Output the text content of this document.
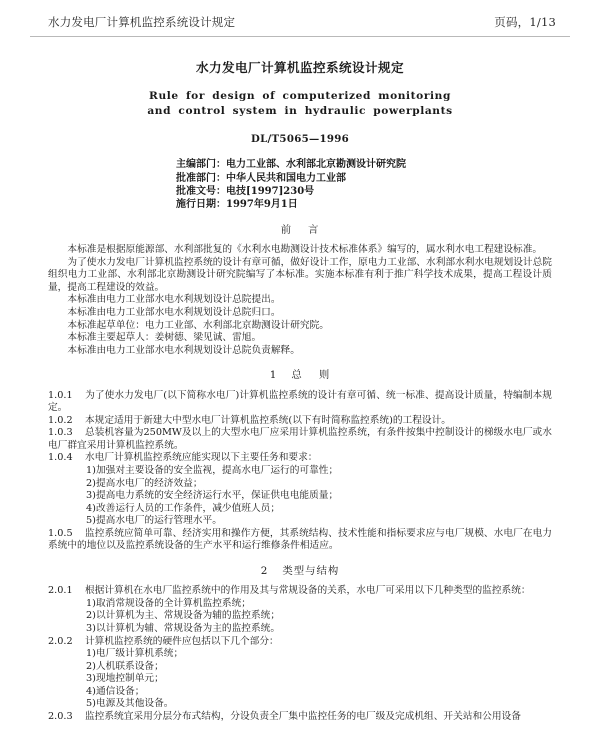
水力发电厂计算机监控系统设计规定	页码，1/13
水力发电厂计算机监控系统设计规定
Rule for design of computerized monitoring
and control system in hydraulic powerplants
DL/T5065—1996
主编部门：电力工业部、水利部北京勘测设计研究院
批准部门：中华人民共和国电力工业部
批准文号：电技[1997]230号
施行日期：1997年9月1日
前 言

本标准是根据原能源部、水利部批复的《水利水电勘测设计技术标准体系》编写的，属水利水电工程建设标准。

为了使水力发电厂计算机监控系统的设计有章可循，做好设计工作，原电力工业部、水利部水利水电规划设计总院组织电力工业部、水利部北京勘测设计研究院编写了本标准。实施本标准有利于推广科学技术成果，提高工程设计质量，提高工程建设的效益。

本标准由电力工业部水电水利规划设计总院提出。

本标准由电力工业部水电水利规划设计总院归口。

本标准起草单位：电力工业部、水利部北京勘测设计研究院。

本标准主要起草人：姜树德、梁见诚、雷旭。

本标准由电力工业部水电水利规划设计总院负责解释。

1 总 则

1.0.1 为了使水力发电厂(以下简称水电厂)计算机监控系统的设计有章可循、统一标准、提高设计质量，特编制本规定。

1.0.2 本规定适用于新建大中型水电厂计算机监控系统(以下有时简称监控系统)的工程设计。

1.0.3 总装机容量为250MW及以上的大型水电厂应采用计算机监控系统，有条件按集中控制设计的梯级水电厂或水电厂群宜采用计算机监控系统。

1.0.4 水电厂计算机监控系统应能实现以下主要任务和要求：

1)加强对主要设备的安全监视，提高水电厂运行的可靠性；
2)提高水电厂的经济效益；
3)提高电力系统的安全经济运行水平，保证供电电能质量；
4)改善运行人员的工作条件，减少值班人员；
5)提高水电厂的运行管理水平。

1.0.5 监控系统应简单可靠、经济实用和操作方便，其系统结构、技术性能和指标要求应与电厂规模、水电厂在电力系统中的地位以及监控系统设备的生产水平和运行维修条件相适应。

2 类型与结构

2.0.1 根据计算机在水电厂监控系统中的作用及其与常规设备的关系，水电厂可采用以下几种类型的监控系统：

1)取消常规设备的全计算机监控系统；
2)以计算机为主、常规设备为辅的监控系统；
3)以计算机为辅、常规设备为主的监控系统。

2.0.2 计算机监控系统的硬件应包括以下几个部分：

1)电厂级计算机系统；
2)人机联系设备；
3)现地控制单元；
4)通信设备；
5)电源及其他设备。

2.0.3 监控系统宜采用分层分布式结构，分设负责全厂集中监控任务的电厂级及完成机组、开关站和公用设备
